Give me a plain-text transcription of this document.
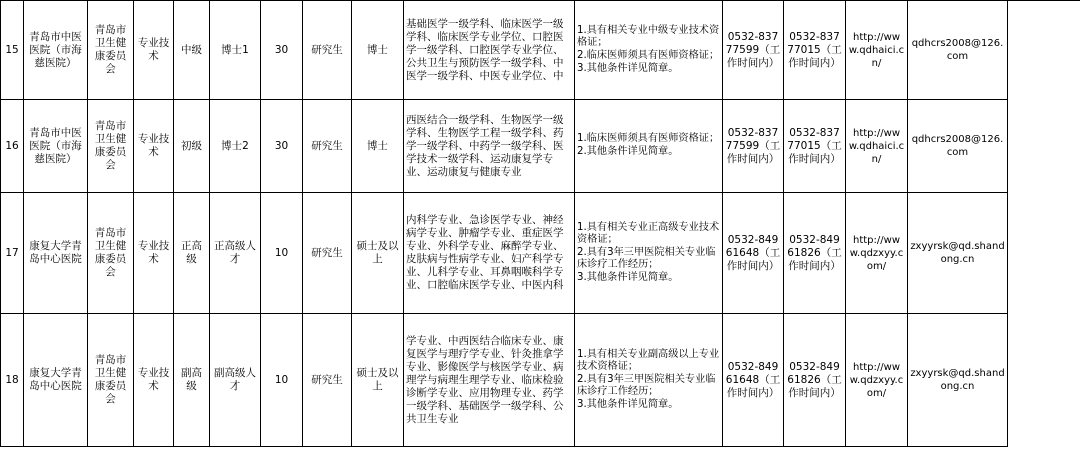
15	青岛市中医医院（市海慈医院）	青岛市卫生健康委员会	专业技术	中级	博士1	30	研究生	博士	基础医学一级学科、临床医学一级学科、临床医学专业学位、口腔医学一级学科、口腔医学专业学位、公共卫生与预防医学一级学科、中医学一级学科、中医专业学位、中	1.具有相关专业中级专业技术资格证；
2.临床医师须具有医师资格证；
3.其他条件详见简章。	0532-83777599（工作时间内）	0532-83777015（工作时间内）	http://www.qdhaici.cn/	qdhcrs2008@126.com
16	青岛市中医医院（市海慈医院）	青岛市卫生健康委员会	专业技术	初级	博士2	30	研究生	博士	西医结合一级学科、生物医学一级学科、生物医学工程一级学科、药学一级学科、中药学一级学科、医学技术一级学科、运动康复学专业、运动康复与健康专业	1.临床医师须具有医师资格证；
2.其他条件详见简章。	0532-83777599（工作时间内）	0532-83777015（工作时间内）	http://www.qdhaici.cn/	qdhcrs2008@126.com
17	康复大学青岛中心医院	青岛市卫生健康委员会	专业技术	正高级	正高级人才	10	研究生	硕士及以上	内科学专业、急诊医学专业、神经病学专业、肿瘤学专业、重症医学专业、外科学专业、麻醉学专业、皮肤病与性病学专业、妇产科学专业、儿科学专业、耳鼻咽喉科学专业、口腔临床医学专业、中医内科	1.具有相关专业正高级专业技术资格证；
2.具有3年三甲医院相关专业临床诊疗工作经历；
3.其他条件详见简章。	0532-84961648（工作时间内）	0532-84961826（工作时间内）	http://www.qdzxyy.com/	zxyyrsk@qd.shandong.cn
18	康复大学青岛中心医院	青岛市卫生健康委员会	专业技术	副高级	副高级人才	10	研究生	硕士及以上	学专业、中西医结合临床专业、康复医学与理疗学专业、针灸推拿学专业、影像医学与核医学专业、病理学与病理生理学专业、临床检验诊断学专业、应用物理专业、药学一级学科、基础医学一级学科、公共卫生专业	1.具有相关专业副高级以上专业技术资格证；
2.具有3年三甲医院相关专业临床诊疗工作经历；
3.其他条件详见简章。	0532-84961648（工作时间内）	0532-84961826（工作时间内）	http://www.qdzxyy.com/	zxyyrsk@qd.shandong.cn
